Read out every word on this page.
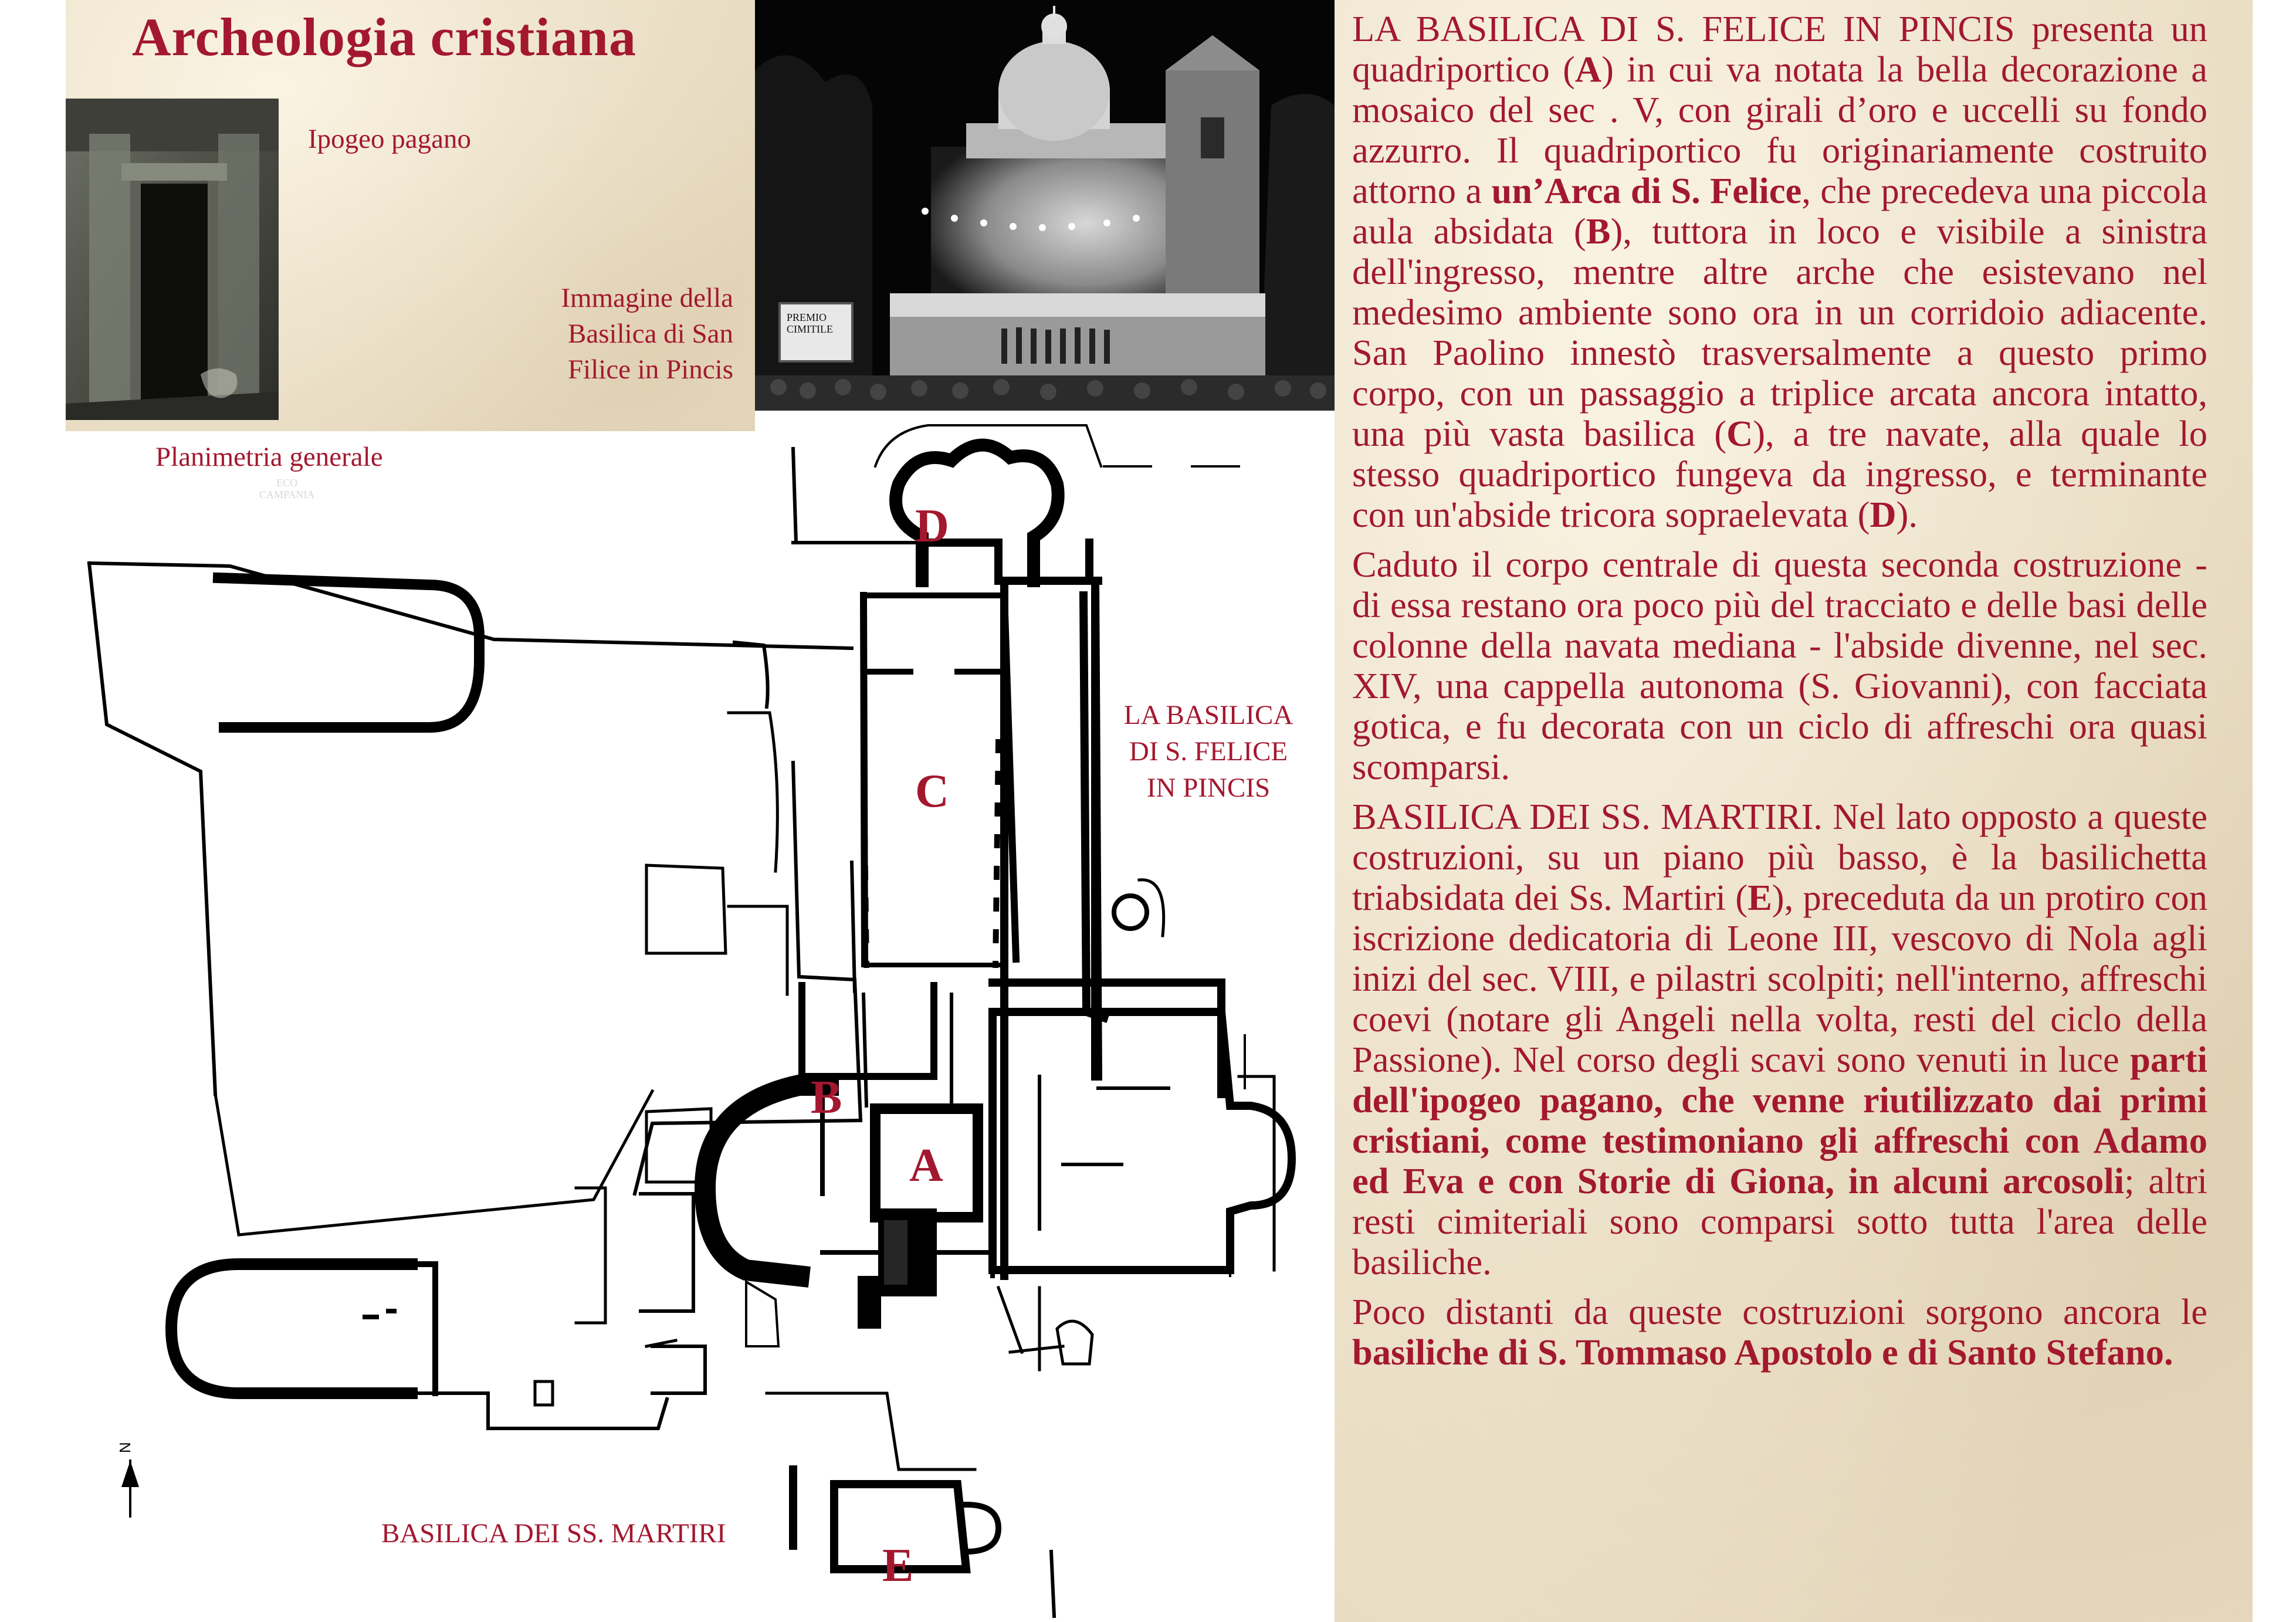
Archeologia cristiana
ECO
CAMPANIA
Ipogeo pagano
Immagine della
Basilica di San
Filice in Pincis
PREMIO
CIMITILE
N
D
C
B
A
E
Planimetria generale
LA BASILICA
DI S. FELICE
IN PINCIS
BASILICA DEI SS. MARTIRI

LA BASILICA DI S. FELICE IN PINCIS presenta un quadriportico (A) in cui va notata la bella decorazione a mosaico del sec . V, con girali d’oro e uccelli su fondo azzurro. Il quadriportico fu originariamente costruito attorno a un’Arca di S. Felice, che precedeva una piccola aula absidata (B), tuttora in loco e visibile a sinistra dell'ingresso, mentre altre arche che esistevano nel medesimo ambiente sono ora in un corridoio adiacente. San Paolino innestò trasversalmente a questo primo corpo, con un passaggio a triplice arcata ancora intatto, una più vasta basilica (C), a tre navate, alla quale lo stesso quadriportico fungeva da ingresso, e terminante con un'abside tricora sopraelevata (D).

Caduto il corpo centrale di questa seconda costruzione - di essa restano ora poco più del tracciato e delle basi delle colonne della navata mediana - l'abside divenne, nel sec. XIV, una cappella autonoma (S. Giovanni), con facciata gotica, e fu decorata con un ciclo di affreschi ora quasi scomparsi.

BASILICA DEI SS. MARTIRI. Nel lato opposto a queste costruzioni, su un piano più basso, è la basilichetta triabsidata dei Ss. Martiri (E), preceduta da un protiro con iscrizione dedicatoria di Leone III, vescovo di Nola agli inizi del sec. VIII, e pilastri scolpiti; nell'interno, affreschi coevi (notare gli Angeli nella volta, resti del ciclo della Passione). Nel corso degli scavi sono venuti in luce parti dell'ipogeo pagano, che venne riutilizzato dai primi cristiani, come testimoniano gli affreschi con Adamo ed Eva e con Storie di Giona, in alcuni arcosoli; altri resti cimiteriali sono comparsi sotto tutta l'area delle basiliche.

Poco distanti da queste costruzioni sorgono ancora le basiliche di S. Tommaso Apostolo e di Santo Stefano.
